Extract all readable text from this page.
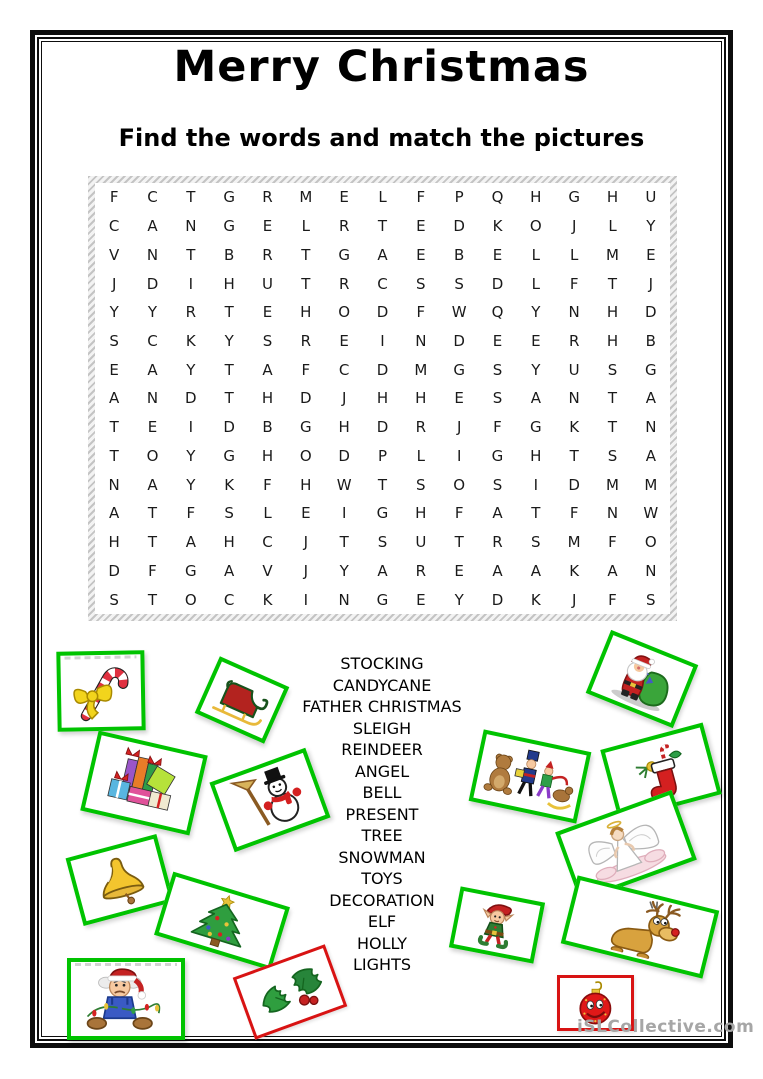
Merry Christmas
Find the words and match the pictures
F	C	T	G	R	M	E	L	F	P	Q	H	G	H	U
C	A	N	G	E	L	R	T	E	D	K	O	J	L	Y
V	N	T	B	R	T	G	A	E	B	E	L	L	M	E
J	D	I	H	U	T	R	C	S	S	D	L	F	T	J
Y	Y	R	T	E	H	O	D	F	W	Q	Y	N	H	D
S	C	K	Y	S	R	E	I	N	D	E	E	R	H	B
E	A	Y	T	A	F	C	D	M	G	S	Y	U	S	G
A	N	D	T	H	D	J	H	H	E	S	A	N	T	A
T	E	I	D	B	G	H	D	R	J	F	G	K	T	N
T	O	Y	G	H	O	D	P	L	I	G	H	T	S	A
N	A	Y	K	F	H	W	T	S	O	S	I	D	M	M
A	T	F	S	L	E	I	G	H	F	A	T	F	N	W
H	T	A	H	C	J	T	S	U	T	R	S	M	F	O
D	F	G	A	V	J	Y	A	R	E	A	A	K	A	N
S	T	O	C	K	I	N	G	E	Y	D	K	J	F	S
STOCKING
CANDYCANE
FATHER CHRISTMAS
SLEIGH
REINDEER
ANGEL
BELL
PRESENT
TREE
SNOWMAN
TOYS
DECORATION
ELF
HOLLY
LIGHTS
iSLCollective.com
